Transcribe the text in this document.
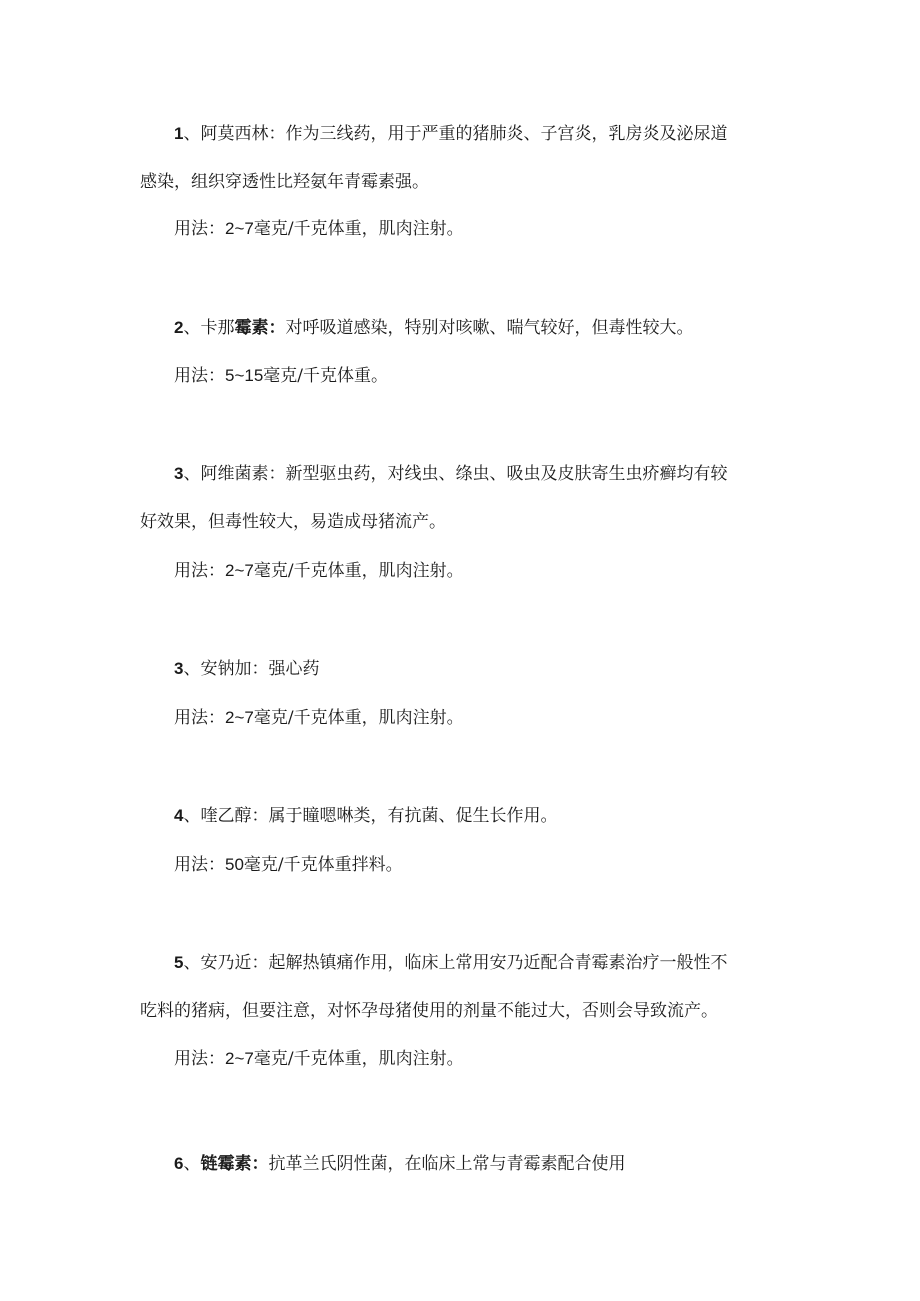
1、阿莫西林：作为三线药，用于严重的猪肺炎、子宫炎，乳房炎及泌尿道
感染，组织穿透性比羟氨年青霉素强。
用法：2~7毫克/千克体重，肌肉注射。
2、卡那霉素：对呼吸道感染，特别对咳嗽、喘气较好，但毒性较大。
用法：5~15毫克/千克体重。
3、阿维菌素：新型驱虫药，对线虫、绦虫、吸虫及皮肤寄生虫疥癣均有较
好效果，但毒性较大，易造成母猪流产。
用法：2~7毫克/千克体重，肌肉注射。
3、安钠加：强心药
用法：2~7毫克/千克体重，肌肉注射。
4、喹乙醇：属于瞳嗯啉类，有抗菌、促生长作用。
用法：50毫克/千克体重拌料。
5、安乃近：起解热镇痛作用，临床上常用安乃近配合青霉素治疗一般性不
吃料的猪病，但要注意，对怀孕母猪使用的剂量不能过大，否则会导致流产。
用法：2~7毫克/千克体重，肌肉注射。
6、链霉素：抗革兰氏阴性菌，在临床上常与青霉素配合使用
